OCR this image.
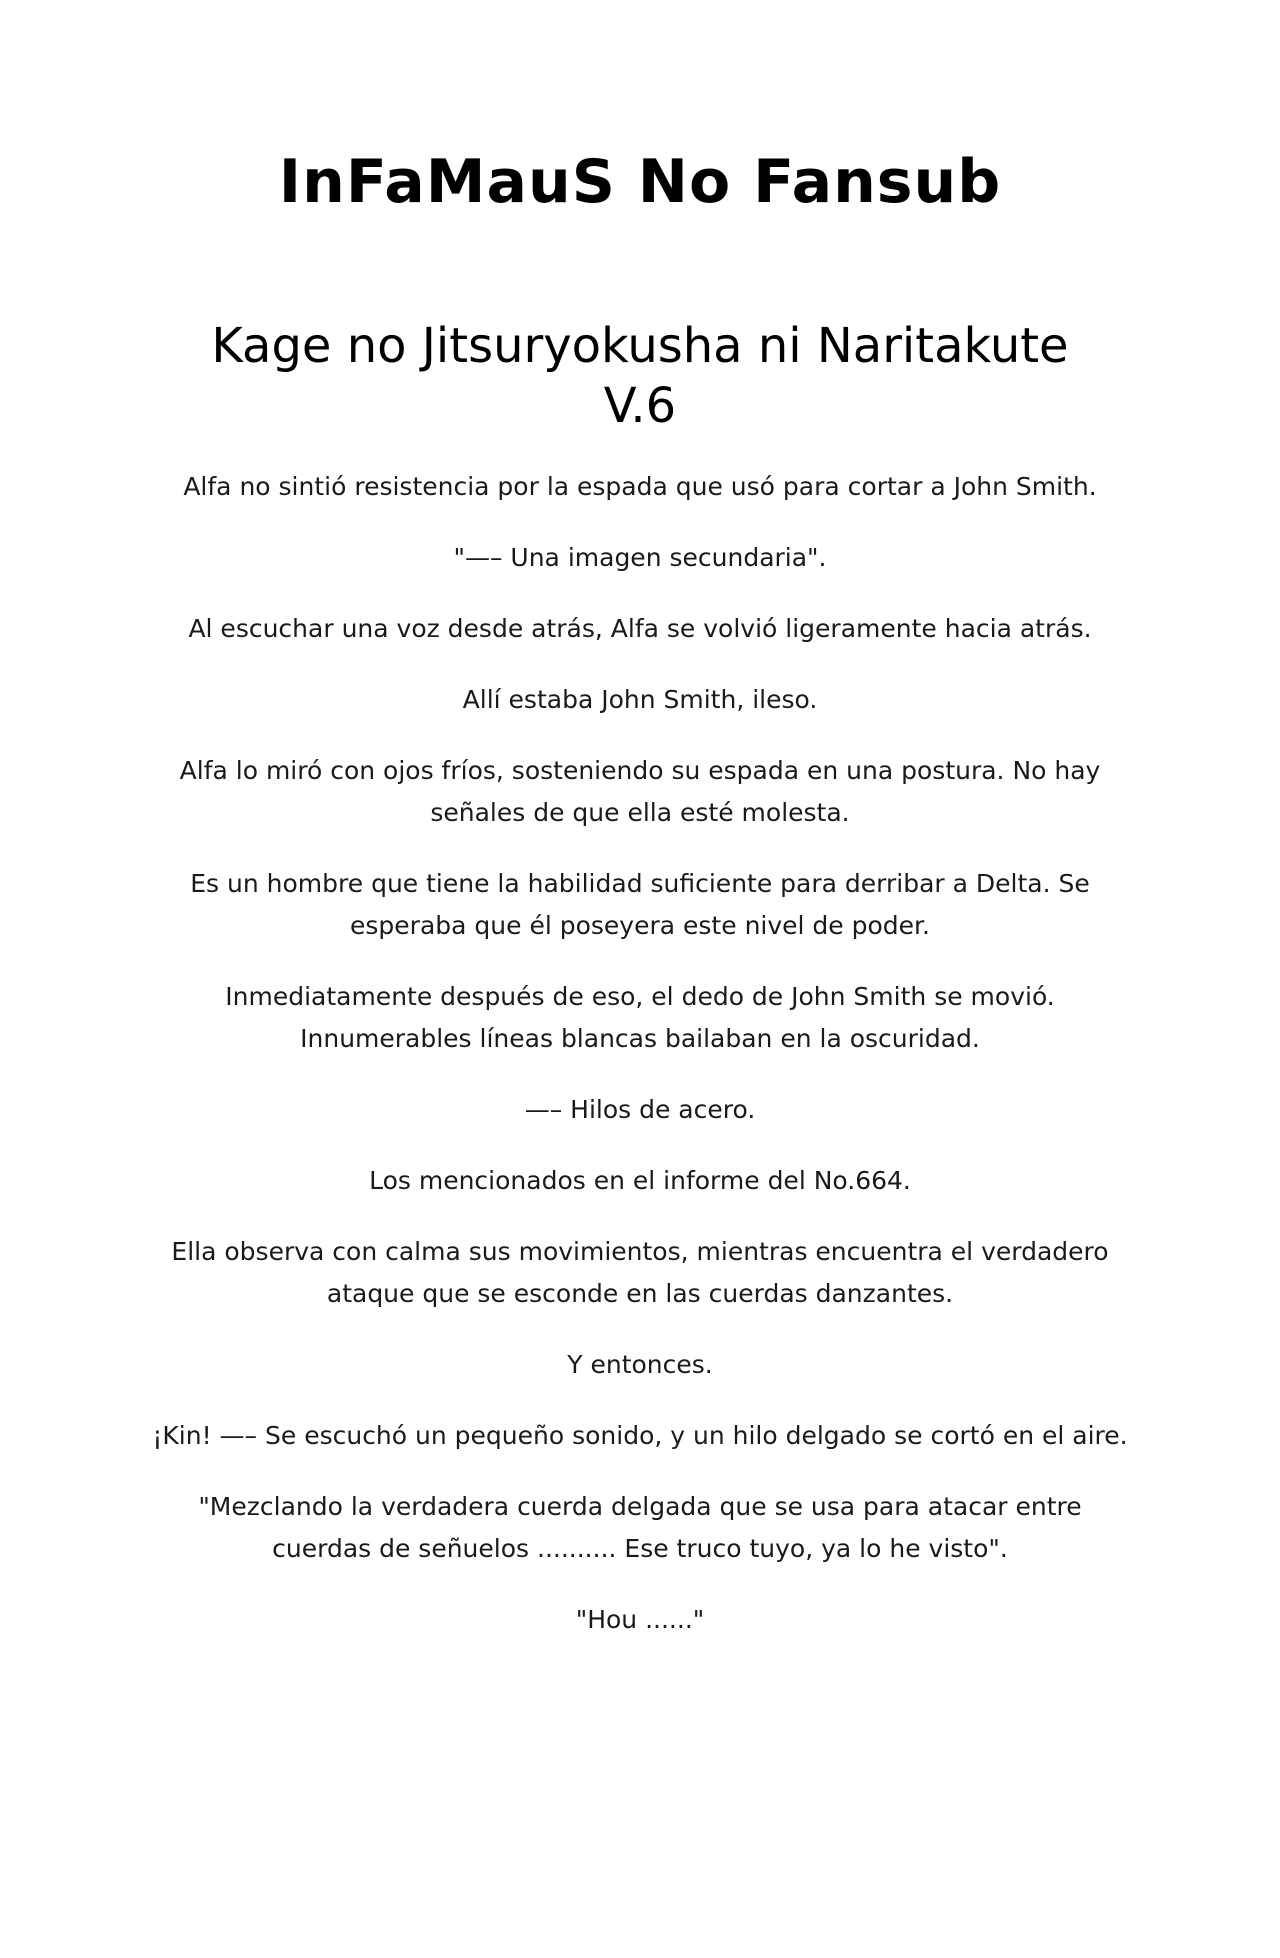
InFaMauS No Fansub
Kage no Jitsuryokusha ni Naritakute
V.6

Alfa no sintió resistencia por la espada que usó para cortar a John Smith.

"—– Una imagen secundaria".

Al escuchar una voz desde atrás, Alfa se volvió ligeramente hacia atrás.

Allí estaba John Smith, ileso.

Alfa lo miró con ojos fríos, sosteniendo su espada en una postura. No hay señales de que ella esté molesta.

Es un hombre que tiene la habilidad suficiente para derribar a Delta. Se esperaba que él poseyera este nivel de poder.

Inmediatamente después de eso, el dedo de John Smith se movió. Innumerables líneas blancas bailaban en la oscuridad.

—– Hilos de acero.

Los mencionados en el informe del No.664.

Ella observa con calma sus movimientos, mientras encuentra el verdadero ataque que se esconde en las cuerdas danzantes.

Y entonces.

¡Kin! —– Se escuchó un pequeño sonido, y un hilo delgado se cortó en el aire.

"Mezclando la verdadera cuerda delgada que se usa para atacar entre cuerdas de señuelos .......... Ese truco tuyo, ya lo he visto".

"Hou ......"
